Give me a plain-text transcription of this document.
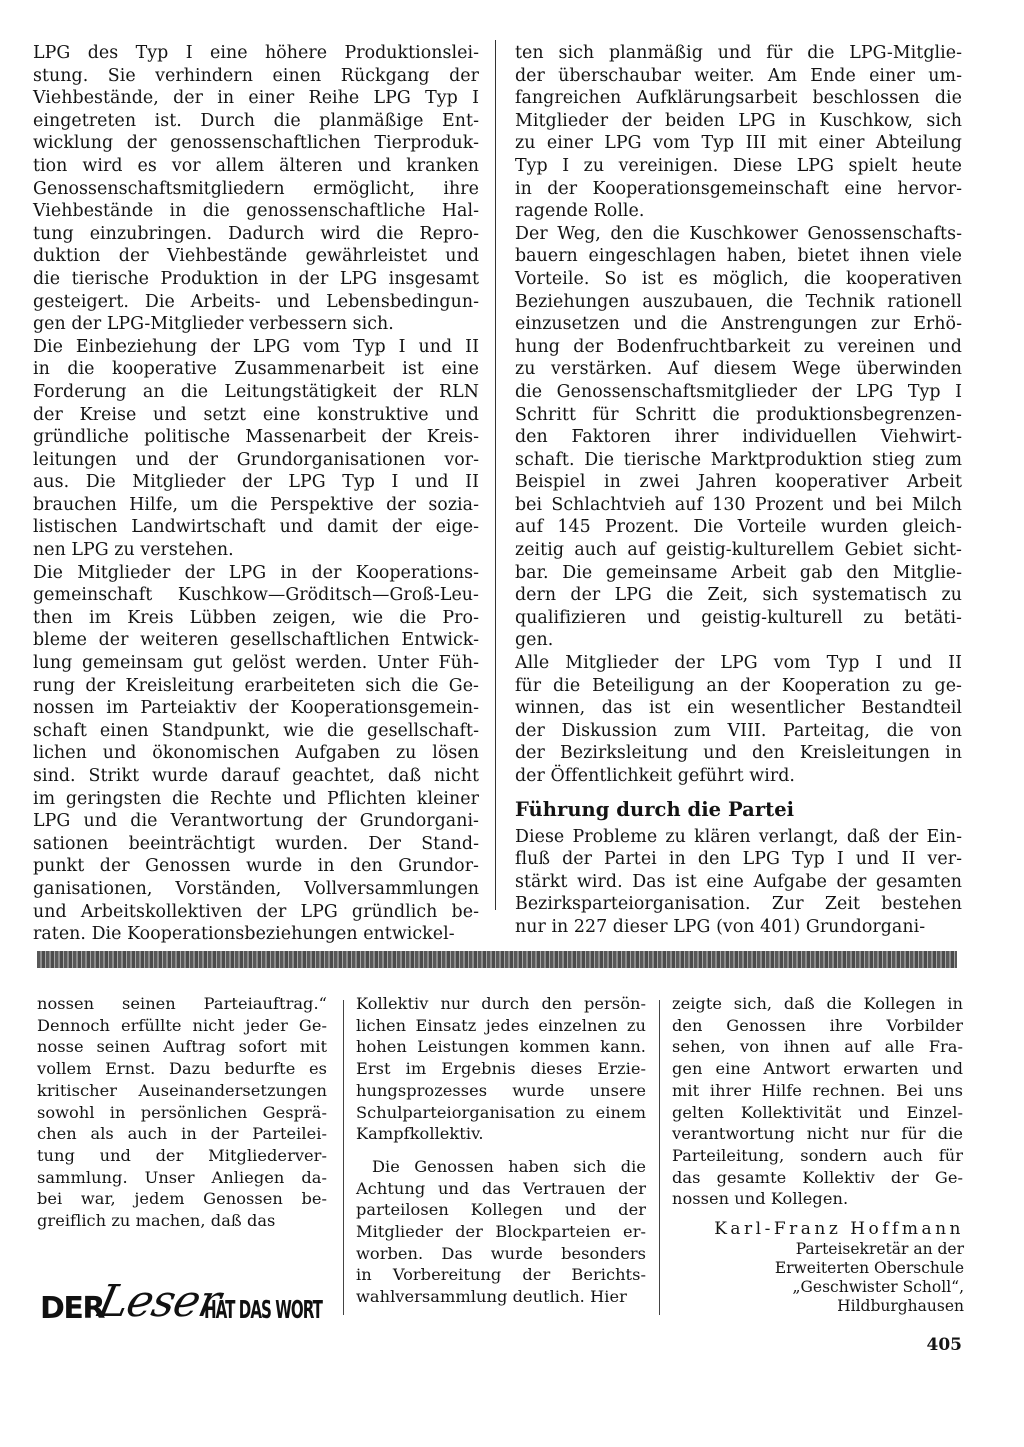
LPG des Typ I eine höhere Produktionslei-
stung. Sie verhindern einen Rückgang der
Viehbestände, der in einer Reihe LPG Typ I
eingetreten ist. Durch die planmäßige Ent-
wicklung der genossenschaftlichen Tierproduk-
tion wird es vor allem älteren und kranken
Genossenschaftsmitgliedern ermöglicht, ihre
Viehbestände in die genossenschaftliche Hal-
tung einzubringen. Dadurch wird die Repro-
duktion der Viehbestände gewährleistet und
die tierische Produktion in der LPG insgesamt
gesteigert. Die Arbeits- und Lebensbedingun-
gen der LPG-Mitglieder verbessern sich.

Die Einbeziehung der LPG vom Typ I und II
in die kooperative Zusammenarbeit ist eine
Forderung an die Leitungstätigkeit der RLN
der Kreise und setzt eine konstruktive und
gründliche politische Massenarbeit der Kreis-
leitungen und der Grundorganisationen vor-
aus. Die Mitglieder der LPG Typ I und II
brauchen Hilfe, um die Perspektive der sozia-
listischen Landwirtschaft und damit der eige-
nen LPG zu verstehen.

Die Mitglieder der LPG in der Kooperations-
gemeinschaft Kuschkow—Gröditsch—Groß-Leu-
then im Kreis Lübben zeigen, wie die Pro-
bleme der weiteren gesellschaftlichen Entwick-
lung gemeinsam gut gelöst werden. Unter Füh-
rung der Kreisleitung erarbeiteten sich die Ge-
nossen im Parteiaktiv der Kooperationsgemein-
schaft einen Standpunkt, wie die gesellschaft-
lichen und ökonomischen Aufgaben zu lösen
sind. Strikt wurde darauf geachtet, daß nicht
im geringsten die Rechte und Pflichten kleiner
LPG und die Verantwortung der Grundorgani-
sationen beeinträchtigt wurden. Der Stand-
punkt der Genossen wurde in den Grundor-
ganisationen, Vorständen, Vollversammlungen
und Arbeitskollektiven der LPG gründlich be-
raten. Die Kooperationsbeziehungen entwickel-

ten sich planmäßig und für die LPG-Mitglie-
der überschaubar weiter. Am Ende einer um-
fangreichen Aufklärungsarbeit beschlossen die
Mitglieder der beiden LPG in Kuschkow, sich
zu einer LPG vom Typ III mit einer Abteilung
Typ I zu vereinigen. Diese LPG spielt heute
in der Kooperationsgemeinschaft eine hervor-
ragende Rolle.

Der Weg, den die Kuschkower Genossenschafts-
bauern eingeschlagen haben, bietet ihnen viele
Vorteile. So ist es möglich, die kooperativen
Beziehungen auszubauen, die Technik rationell
einzusetzen und die Anstrengungen zur Erhö-
hung der Bodenfruchtbarkeit zu vereinen und
zu verstärken. Auf diesem Wege überwinden
die Genossenschaftsmitglieder der LPG Typ I
Schritt für Schritt die produktionsbegrenzen-
den Faktoren ihrer individuellen Viehwirt-
schaft. Die tierische Marktproduktion stieg zum
Beispiel in zwei Jahren kooperativer Arbeit
bei Schlachtvieh auf 130 Prozent und bei Milch
auf 145 Prozent. Die Vorteile wurden gleich-
zeitig auch auf geistig-kulturellem Gebiet sicht-
bar. Die gemeinsame Arbeit gab den Mitglie-
dern der LPG die Zeit, sich systematisch zu
qualifizieren und geistig-kulturell zu betäti-
gen.

Alle Mitglieder der LPG vom Typ I und II
für die Beteiligung an der Kooperation zu ge-
winnen, das ist ein wesentlicher Bestandteil
der Diskussion zum VIII. Parteitag, die von
der Bezirksleitung und den Kreisleitungen in
der Öffentlichkeit geführt wird.

Führung durch die Partei

Diese Probleme zu klären verlangt, daß der Ein-
fluß der Partei in den LPG Typ I und II ver-
stärkt wird. Das ist eine Aufgabe der gesamten
Bezirksparteiorganisation. Zur Zeit bestehen
nur in 227 dieser LPG (von 401) Grundorgani-

nossen seinen Parteiauftrag.“
Dennoch erfüllte nicht jeder Ge-
nosse seinen Auftrag sofort mit
vollem Ernst. Dazu bedurfte es
kritischer Auseinandersetzungen
sowohl in persönlichen Gesprä-
chen als auch in der Parteilei-
tung und der Mitgliederver-
sammlung. Unser Anliegen da-
bei war, jedem Genossen be-
greiflich zu machen, daß das

Kollektiv nur durch den persön-
lichen Einsatz jedes einzelnen zu
hohen Leistungen kommen kann.
Erst im Ergebnis dieses Erzie-
hungsprozesses wurde unsere
Schulparteiorganisation zu einem
Kampfkollektiv.

Die Genossen haben sich die
Achtung und das Vertrauen der
parteilosen Kollegen und der
Mitglieder der Blockparteien er-
worben. Das wurde besonders
in Vorbereitung der Berichts-
wahlversammlung deutlich. Hier

zeigte sich, daß die Kollegen in
den Genossen ihre Vorbilder
sehen, von ihnen auf alle Fra-
gen eine Antwort erwarten und
mit ihrer Hilfe rechnen. Bei uns
gelten Kollektivität und Einzel-
verantwortung nicht nur für die
Parteileitung, sondern auch für
das gesamte Kollektiv der Ge-
nossen und Kollegen.

Karl-Franz Hoffmann
Parteisekretär an der
Erweiterten Oberschule
„Geschwister Scholl“,
Hildburghausen
DER
Leser
HAT DAS WORT
405
